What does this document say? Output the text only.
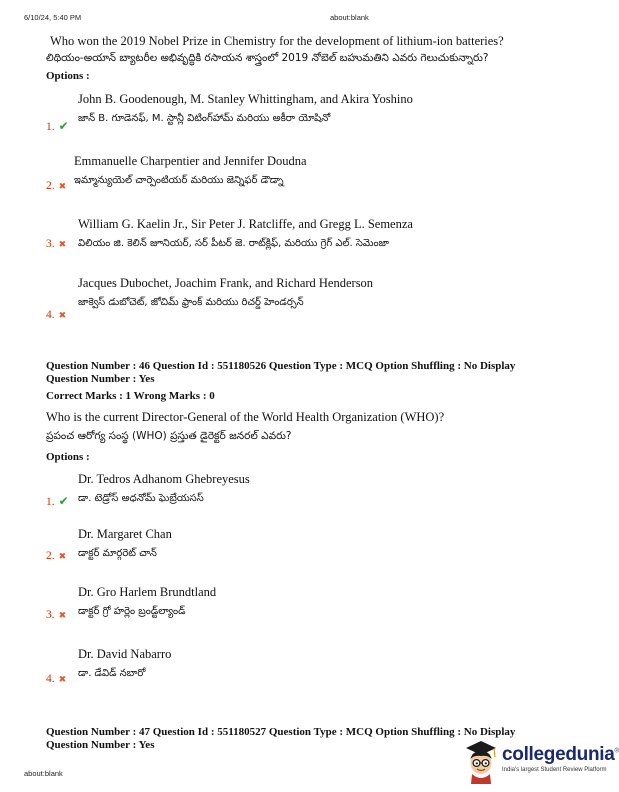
6/10/24, 5:40 PM	about:blank
about:blank
Who won the 2019 Nobel Prize in Chemistry for the development of lithium-ion batteries?
లిథియం-అయాన్ బ్యాటరీల అభివృద్ధికి రసాయన శాస్త్రంలో 2019 నోబెల్ బహుమతిని ఎవరు గెలుచుకున్నారు?
Options :
John B. Goodenough, M. Stanley Whittingham, and Akira Yoshino
జాన్ B. గూడెనఫ్, M. స్టాన్లీ విటింగ్‌హామ్ మరియు అకీరా యోషినో
1. ✔
Emmanuelle Charpentier and Jennifer Doudna
ఇమ్మాన్యుయెల్ చార్పెంటియర్ మరియు జెన్నిఫర్ డౌడ్నా
2. ✖
William G. Kaelin Jr., Sir Peter J. Ratcliffe, and Gregg L. Semenza
విలియం జి. కెలిన్ జూనియర్, సర్ పీటర్ జె. రాట్‌క్లిఫ్, మరియు గ్రెగ్ ఎల్. సెమెంజా
3. ✖
Jacques Dubochet, Joachim Frank, and Richard Henderson
జాక్వెస్ డుబోచెట్, జోచిమ్ ఫ్రాంక్ మరియు రిచర్డ్ హెండర్సన్
4. ✖
Question Number : 46 Question Id : 551180526 Question Type : MCQ Option Shuffling : No Display
Question Number : Yes
Correct Marks : 1 Wrong Marks : 0
Who is the current Director-General of the World Health Organization (WHO)?
ప్రపంచ ఆరోగ్య సంస్థ (WHO) ప్రస్తుత డైరెక్టర్ జనరల్ ఎవరు?
Options :
Dr. Tedros Adhanom Ghebreyesus
డా. టెడ్రోస్ అధనోమ్ ఘెబ్రేయసస్
1. ✔
Dr. Margaret Chan
డాక్టర్ మార్గరెట్ చాన్
2. ✖
Dr. Gro Harlem Brundtland
డాక్టర్ గ్రో హర్లెం బ్రండ్ట్‌ల్యాండ్
3. ✖
Dr. David Nabarro
డా. డేవిడ్ నబారో
4. ✖
Question Number : 47 Question Id : 551180527 Question Type : MCQ Option Shuffling : No Display
Question Number : Yes	collegedunia®
India's largest Student Review Platform
